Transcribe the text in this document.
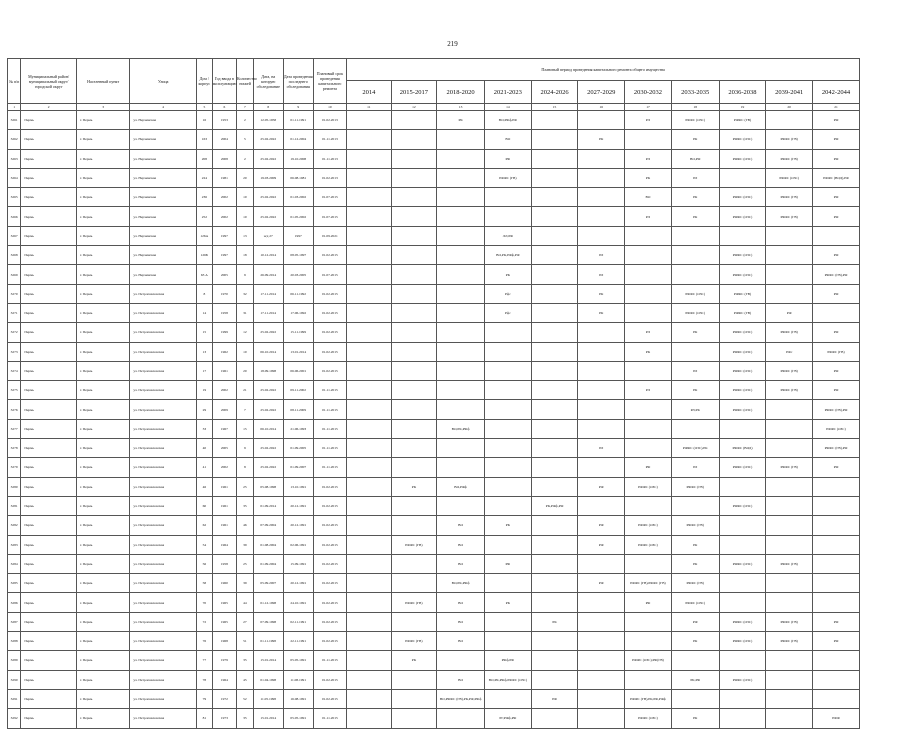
219
№ п/п	Муниципальный район/муниципальный округ/городской округ	Населенный пункт	Улица	Дом / корпус	Год ввода в эксплуатацию	Количество этажей	Дата, на которую обследование	Дата проведения последнего обследования	Плановый срок проведения капитального ремонта	Плановый период проведения капитального ремонта общего имущества										
										2014	2015-2017	2018-2020	2021-2023	2024-2026	2027-2029	2030-2032	2033-2035	2036-2038	2039-2041	2042-2044
1	2	3	4	5	6	7	8	9	10	11	12	13	14	15	16	17	18	19	20	21
3261	Пермь	г. Пермь	ул. Нерчинская	16	1953	2	12.05.1958	01.11.1991	01.02.2013			РК	ВО,РФф,РФ			РЛ	РФФС (ОЗС)	РФФС (ГВ)		РФ
3262	Пермь	г. Пермь	ул. Нерчинская	163	2004	5	25.02.2022	01.12.2004	01.11.2013				ВО		РК		РК	РФФС (ОЗС)	РФФС (ГВ)	РФ
3263	Пермь	г. Пермь	ул. Нерчинская	208	2008	2	25.02.2022	19.10.2008	01.11.2013				РФ			РЛ	ВО,РФ	РФФС (ОЗС)	РФФС (ГВ)	РФ
3264	Пермь	г. Пермь	ул. Нерчинская	224	1981	20	19.03.2009	06.08.1981	01.02.2013				РФФС (ГВ)			РК	РЛ		РФФС (ОЗС)	РФФС (ВОД),РФ
3265	Пермь	г. Пермь	ул. Нерчинская	236	2002	10	25.02.2022	01.03.2002	01.07.2015							ВО	РК	РФФС (ОЗС)	РФФС (ГВ)	РФ
3266	Пермь	г. Пермь	ул. Нерчинская	252	2002	10	25.02.2022	01.05.2002	01.07.2015							РЛ	РК	РФФС (ОЗС)	РФФС (ГВ)	РФ
3267	Пермь	г. Пермь	ул. Нерчинская	126А	1997	13	н/д 27	1997	01.09.2021				ЛЛ,РФ							
3268	Пермь	г. Пермь	ул. Нерчинская	126Б	1997	18	10.12.2014	08.05.1997	01.02.2015				ВО,РК,РФф,РФ		РЛ			РФФС (ОЗС)		РФ
3269	Пермь	г. Пермь	ул. Нерчинская	63 А	2005	9	26.09.2014	20.03.2005	01.07.2015				РК		РЛ			РФФС (ОЗС)		РФФС (ГВ),РФ
3270	Пермь	г. Пермь	ул. Петропавловская	8	1970	32	17.11.2014	06.11.1992	01.02.2015				Рфс		РК		РФФС (ОЗС)	РФФС (ГВ)		РФ
3271	Пермь	г. Пермь	ул. Петропавловская	14	1958	31	17.11.2014	17.06.1992	01.02.2015				Рфс		РК		РФФС (ОЗС)	РФФС (ГВ)	РФ	
3272	Пермь	г. Пермь	ул. Петропавловская	15	1999	12	25.02.2022	15.11.1999	01.02.2015							РЛ	РК	РФФС (ОЗС)	РФФС (ГВ)	РФ
3273	Пермь	г. Пермь	ул. Петропавловская	13	1962	10	06.10.2014	13.01.2014	01.02.2015							РК		РФФС (ОЗС)	РФс	РФФС (ГВ)
3274	Пермь	г. Пермь	ул. Петропавловская	17	1961	20	18.09.1998	06.06.2001	01.02.2015								РЛ	РФФС (ОЗС)	РФФС (ГВ)	РФ
3275	Пермь	г. Пермь	ул. Петропавловская	19	2002	21	25.02.2022	09.11.2002	01.11.2015							РЛ	РК	РФФС (ОЗС)	РФФС (ГВ)	РФ
3276	Пермь	г. Пермь	ул. Петропавловская	29	2009	7	25.02.2022	08.11.2009	01.11.2015								РЛ,РК	РФФС (ОЗС)		РФФС (ГВ),РФ
3277	Пермь	г. Пермь	ул. Петропавловская	33	1967	15	06.10.2014	21.06.1993	01.11.2015			ВО,РК,РФф								РФФС (ОЗС)
3278	Пермь	г. Пермь	ул. Петропавловская	40	2005	9	25.02.2022	01.09.2005	01.11.2015						РЛ		РФФС (ОЗС),РК	РФФС (ВОД)		РФФС (ГВ),РФ
3279	Пермь	г. Пермь	ул. Петропавловская	41	2002	8	25.02.2022	01.09.2007	01.11.2015							РФ	РЛ	РФФС (ОЗС)	РФФС (ГВ)	РФ
3280	Пермь	г. Пермь	ул. Петропавловская	46	1961	25	05.08.1998	13.10.1991	01.02.2015		РК	ВО,РФф			РФ	РФФС (ОЗС)	РФФС (ГВ)			
3281	Пермь	г. Пермь	ул. Петропавловская	60	1961	35	01.09.2014	20.12.1991	01.02.2015					РК,РФф,РФ				РФФС (ОЗС)		
3282	Пермь	г. Пермь	ул. Петропавловская	62	1961	46	07.09.2004	20.12.1991	01.02.2015			ВО	РК		РФ	РФФС (ОЗС)	РФФС (ГВ)			
3283	Пермь	г. Пермь	ул. Петропавловская	54	1964	39	01.08.2004	02.06.1991	01.02.2015		РФФС (ГВ)	ВО			РФ	РФФС (ОЗС)	РК			
3284	Пермь	г. Пермь	ул. Петропавловская	56	1958	25	01.09.2004	15.09.1991	01.02.2015			ВО	РФ				РК	РФФС (ОЗС)	РФФС (ГВ)	
3285	Пермь	г. Пермь	ул. Петропавловская	58	1960	39	05.09.2007	20.12.1991	01.02.2015			ВО,РК,РФф			РФ	РФФС (ГВ),РФФС (ГВ)	РФФС (ГВ)			
3286	Пермь	г. Пермь	ул. Петропавловская	70	1965	44	01.12.1998	24.10.1991	01.02.2015		РФФС (ГВ)	ВО	РК			РФ	РФФС (ОЗС)			
3287	Пермь	г. Пермь	ул. Петропавловская	72	1965	27	07.09.1998	02.11.1991	01.02.2015			ВО		РК			РФ	РФФС (ОЗС)	РФФС (ГВ)	РФ
3288	Пермь	г. Пермь	ул. Петропавловская	76	1968	51	01.11.1998	22.11.1991	01.02.2015		РФФС (ГВ)	ВО					РК	РФФС (ОЗС)	РФФС (ГВ)	РФ
3289	Пермь	г. Пермь	ул. Петропавловская	77	1979	35	15.01.2014	05.05.1991	01.11.2015		РК		РФф,РФ			РФФС (ОЗС),РФ(ГВ)				
3290	Пермь	г. Пермь	ул. Петропавловская	78	1964	45	01.04.1998	11.08.1991	01.02.2015			ВО	ВО,РК,РФф,РФФС (ОЗС)				РК,РФ	РФФС (ОЗС)		
3291	Пермь	г. Пермь	ул. Петропавловская	79	1972	52	11.05.1998	16.08.1991	01.02.2015			ВО,РФФС (ГВ),РК,РФ,РФф		РФ		РФФС (ГВ),РК,РФ,РФф				
3292	Пермь	г. Пермь	ул. Петропавловская	81	1973	35	15.01.2014	05.05.1991	01.11.2015				РГ,РФф,РФ			РФФС (ОЗС)	РК			РФФ
